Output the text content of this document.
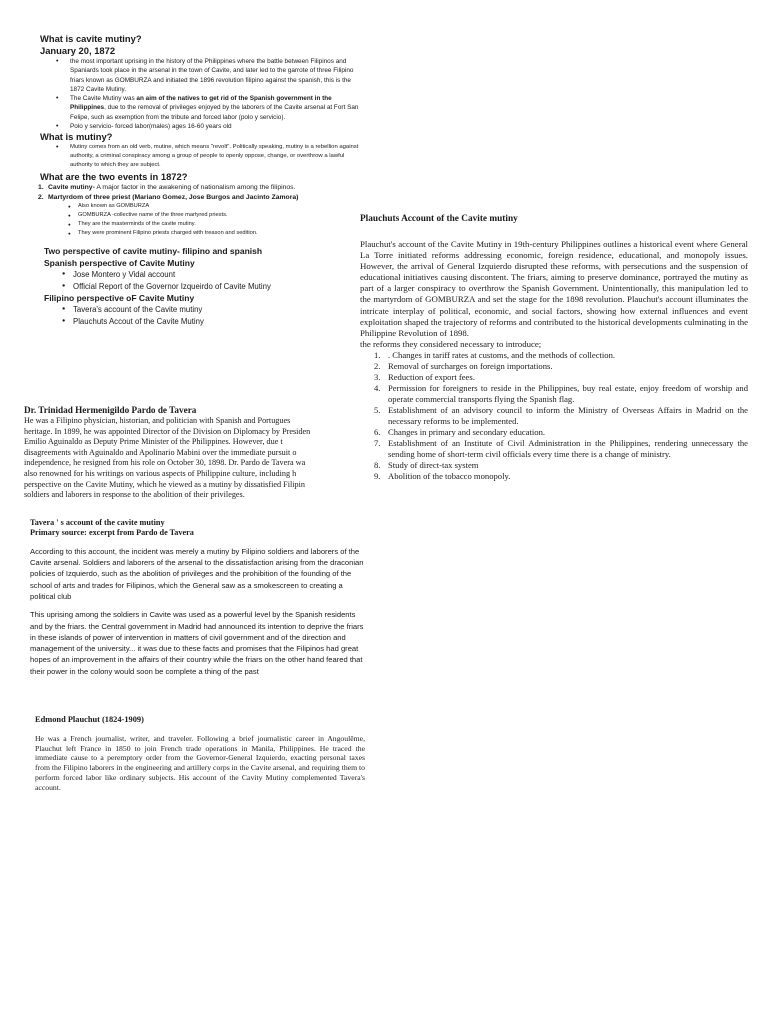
What is cavite mutiny?
January 20, 1872
• the most important uprising in the history of the Philippines where the battle between Filipinos and Spaniards took place in the arsenal in the town of Cavite, and later led to the garrote of three Filipino friars known as GOMBURZA and initiated the 1896 revolution filipino against the spanish, this is the 1872 Cavite Mutiny.
• The Cavite Mutiny was an aim of the natives to get rid of the Spanish government in the Philippines, due to the removal of privileges enjoyed by the laborers of the Cavite arsenal at Fort San Felipe, such as exemption from the tribute and forced labor (polo y servicio).
• Polo y servicio- forced labor(males) ages 16-60 years old
What is mutiny?
• Mutiny comes from an old verb, mutine, which means "revolt". Politically speaking, mutiny is a rebellion against authority, a criminal conspiracy among a group of people to openly oppose, change, or overthrow a lawful authority to which they are subject.
What are the two events in 1872?
1. Cavite mutiny- A major factor in the awakening of nationalism among the filipinos.
2. Martyrdom of three priest (Mariano Gomez, Jose Burgos and Jacinto Zamora)
● Also known as GOMBURZA
● GOMBURZA -collective name of the three martyred priests.
● They are the masterminds of the cavite mutiny.
● They were prominent Filipino priests charged with treason and sedition.
Two perspective of cavite mutiny- filipino and spanish
Spanish perspective of Cavite Mutiny
● Jose Montero y Vidal account
● Official Report of the Governor Izqueirdo of Cavite Mutiny
Filipino perspective oF Cavite Mutiny
● Tavera's account of the Cavite mutiny
● Plauchuts Accout of the Cavite Mutiny
Dr. Trinidad Hermenigildo Pardo de Tavera
He was a Filipino physician, historian, and politician with Spanish and Portugues
heritage. In 1899, he was appointed Director of the Division on Diplomacy by Presiden
Emilio Aguinaldo as Deputy Prime Minister of the Philippines. However, due t
disagreements with Aguinaldo and Apolinario Mabini over the immediate pursuit o
independence, he resigned from his role on October 30, 1898. Dr. Pardo de Tavera wa
also renowned for his writings on various aspects of Philippine culture, including h
perspective on the Cavite Mutiny, which he viewed as a mutiny by dissatisfied Filipin
soldiers and laborers in response to the abolition of their privileges.
Tavera ' s account of the cavite mutiny
Primary source: excerpt from Pardo de Tavera
According to this account, the incident was merely a mutiny by Filipino soldiers and laborers of the Cavite arsenal. Soldiers and laborers of the arsenal to the dissatisfaction arising from the draconian policies of Izquierdo, such as the abolition of privileges and the prohibition of the founding of the school of arts and trades for Filipinos, which the General saw as a smokescreen to creating a political club
This uprising among the soldiers in Cavite was used as a powerful level by the Spanish residents and by the friars. the Central government in Madrid had announced its intention to deprive the friars in these islands of power of intervention in matters of civil government and of the direction and management of the university... it was due to these facts and promises that the Filipinos had great hopes of an improvement in the affairs of their country while the friars on the other hand feared that their power in the colony would soon be complete a thing of the past
Edmond Plauchut (1824-1909)
He was a French journalist, writer, and traveler. Following a brief journalistic career in Angoulême, Plauchut left France in 1850 to join French trade operations in Manila, Philippines. He traced the immediate cause to a peremptory order from the Governor-General Izquierdo, exacting personal taxes from the Filipino laborers in the engineering and artillery corps in the Cavite arsenal, and requiring them to perform forced labor like ordinary subjects. His account of the Cavity Mutiny complemented Tavera's account.
Plauchuts Account of the Cavite mutiny
Plauchut's account of the Cavite Mutiny in 19th-century Philippines outlines a historical event where General La Torre initiated reforms addressing economic, foreign residence, educational, and monopoly issues. However, the arrival of General Izquierdo disrupted these reforms, with persecutions and the suspension of educational initiatives causing discontent. The friars, aiming to preserve dominance, portrayed the mutiny as part of a larger conspiracy to overthrow the Spanish Government. Unintentionally, this manipulation led to the martyrdom of GOMBURZA and set the stage for the 1898 revolution. Plauchut's account illuminates the intricate interplay of political, economic, and social factors, showing how external influences and event exploitation shaped the trajectory of reforms and contributed to the historical developments culminating in the Philippine Revolution of 1898.
the reforms they considered necessary to introduce;
1. . Changes in tariff rates at customs, and the methods of collection.
2. Removal of surcharges on foreign importations.
3. Reduction of export fees.
4. Permission for foreigners to reside in the Philippines, buy real estate, enjoy freedom of worship and operate commercial transports flying the Spanish flag.
5. Establishment of an advisory council to inform the Ministry of Overseas Affairs in Madrid on the necessary reforms to be implemented.
6. Changes in primary and secondary education.
7. Establishment of an Institute of Civil Administration in the Philippines, rendering unnecessary the sending home of short-term civil officials every time there is a change of ministry.
8. Study of direct-tax system
9. Abolition of the tobacco monopoly.
